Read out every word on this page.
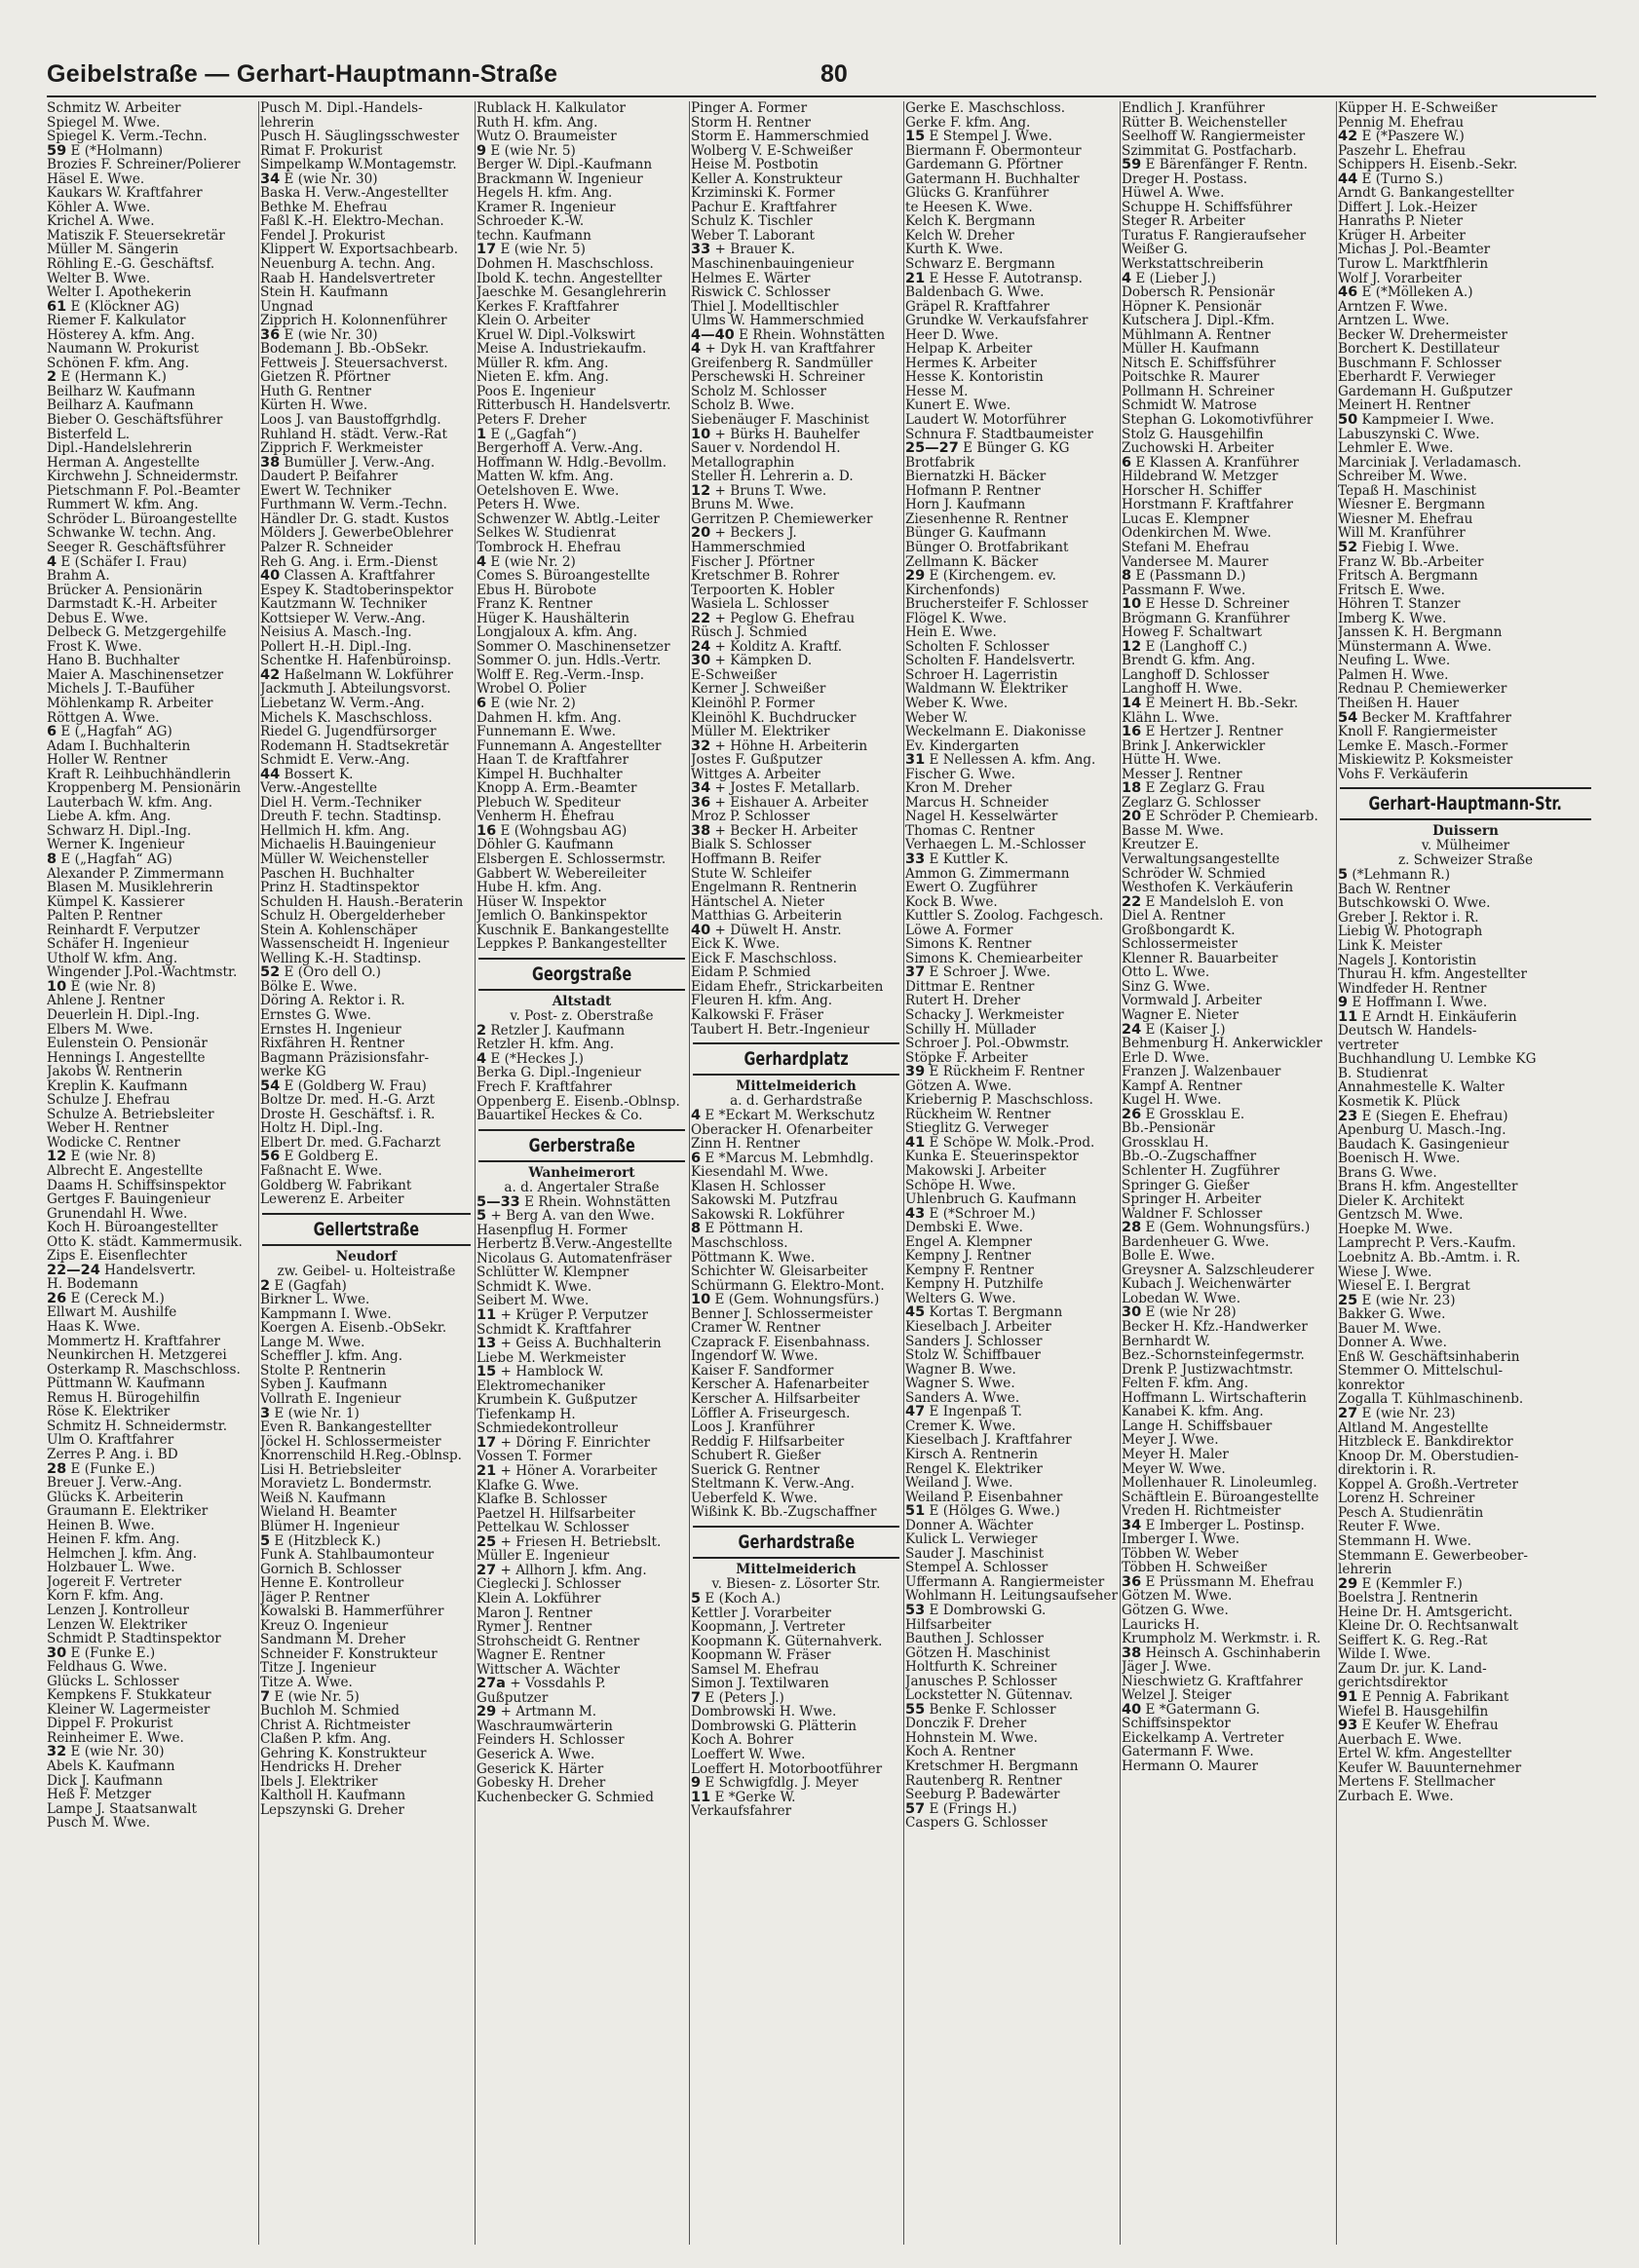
Geibelstraße — Gerhart-Hauptmann-Straße	80
Schmitz W. Arbeiter
Spiegel M. Wwe.
Spiegel K. Verm.-Techn.
59 E (*Holmann)
Brozies F. Schreiner/Polierer
Häsel E. Wwe.
Kaukars W. Kraftfahrer
Köhler A. Wwe.
Krichel A. Wwe.
Matiszik F. Steuersekretär
Müller M. Sängerin
Röhling E.-G. Geschäftsf.
Welter B. Wwe.
Welter I. Apothekerin
61 E (Klöckner AG)
Riemer F. Kalkulator
Hösterey A. kfm. Ang.
Naumann W. Prokurist
Schönen F. kfm. Ang.
2 E (Hermann K.)
Beilharz W. Kaufmann
Beilharz A. Kaufmann
Bieber O. Geschäftsführer
Bisterfeld L.
Dipl.-Handelslehrerin
Herman A. Angestellte
Kirchwehn J. Schneidermstr.
Pietschmann F. Pol.-Beamter
Rummert W. kfm. Ang.
Schröder L. Büroangestellte
Schwanke W. techn. Ang.
Seeger R. Geschäftsführer
4 E (Schäfer I. Frau)
Brahm A.
Brücker A. Pensionärin
Darmstadt K.-H. Arbeiter
Debus E. Wwe.
Delbeck G. Metzgergehilfe
Frost K. Wwe.
Hano B. Buchhalter
Maier A. Maschinensetzer
Michels J. T.-Baufüher
Möhlenkamp R. Arbeiter
Röttgen A. Wwe.
6 E („Hagfah“ AG)
Adam I. Buchhalterin
Holler W. Rentner
Kraft R. Leihbuchhändlerin
Kroppenberg M. Pensionärin
Lauterbach W. kfm. Ang.
Liebe A. kfm. Ang.
Schwarz H. Dipl.-Ing.
Werner K. Ingenieur
8 E („Hagfah“ AG)
Alexander P. Zimmermann
Blasen M. Musiklehrerin
Kümpel K. Kassierer
Palten P. Rentner
Reinhardt F. Verputzer
Schäfer H. Ingenieur
Utholf W. kfm. Ang.
Wingender J.Pol.-Wachtmstr.
10 E (wie Nr. 8)
Ahlene J. Rentner
Deuerlein H. Dipl.-Ing.
Elbers M. Wwe.
Eulenstein O. Pensionär
Hennings I. Angestellte
Jakobs W. Rentnerin
Kreplin K. Kaufmann
Schulze J. Ehefrau
Schulze A. Betriebsleiter
Weber H. Rentner
Wodicke C. Rentner
12 E (wie Nr. 8)
Albrecht E. Angestellte
Daams H. Schiffsinspektor
Gertges F. Bauingenieur
Grunendahl H. Wwe.
Koch H. Büroangestellter
Otto K. städt. Kammermusik.
Zips E. Eisenflechter
22—24 Handelsvertr.
H. Bodemann
26 E (Cereck M.)
Ellwart M. Aushilfe
Haas K. Wwe.
Mommertz H. Kraftfahrer
Neunkirchen H. Metzgerei
Osterkamp R. Maschschloss.
Püttmann W. Kaufmann
Remus H. Bürogehilfin
Röse K. Elektriker
Schmitz H. Schneidermstr.
Ulm O. Kraftfahrer
Zerres P. Ang. i. BD
28 E (Funke E.)
Breuer J. Verw.-Ang.
Glücks K. Arbeiterin
Graumann E. Elektriker
Heinen B. Wwe.
Heinen F. kfm. Ang.
Helmchen J. kfm. Ang.
Holzbauer L. Wwe.
Jogereit F. Vertreter
Korn F. kfm. Ang.
Lenzen J. Kontrolleur
Lenzen W. Elektriker
Schmidt P. Stadtinspektor
30 E (Funke E.)
Feldhaus G. Wwe.
Glücks L. Schlosser
Kempkens F. Stukkateur
Kleiner W. Lagermeister
Dippel F. Prokurist
Reinheimer E. Wwe.
32 E (wie Nr. 30)
Abels K. Kaufmann
Dick J. Kaufmann
Heß F. Metzger
Lampe J. Staatsanwalt
Pusch M. Wwe.
Pusch M. Dipl.-Handels-
lehrerin
Pusch H. Säuglingsschwester
Rimat F. Prokurist
Simpelkamp W.Montagemstr.
34 E (wie Nr. 30)
Baska H. Verw.-Angestellter
Bethke M. Ehefrau
Faßl K.-H. Elektro-Mechan.
Fendel J. Prokurist
Klippert W. Exportsachbearb.
Neuenburg A. techn. Ang.
Raab H. Handelsvertreter
Stein H. Kaufmann
Ungnad
Zipprich H. Kolonnenführer
36 E (wie Nr. 30)
Bodemann J. Bb.-ObSekr.
Fettweis J. Steuersachverst.
Gietzen R. Pförtner
Huth G. Rentner
Kürten H. Wwe.
Loos J. van Baustoffgrhdlg.
Ruhland H. städt. Verw.-Rat
Zipprich F. Werkmeister
38 Bumüller J. Verw.-Ang.
Daudert P. Beifahrer
Ewert W. Techniker
Furthmann W. Verm.-Techn.
Händler Dr. G. stadt. Kustos
Mölders J. GewerbeOblehrer
Palzer R. Schneider
Reh G. Ang. i. Erm.-Dienst
40 Classen A. Kraftfahrer
Espey K. Stadtoberinspektor
Kautzmann W. Techniker
Kottsieper W. Verw.-Ang.
Neisius A. Masch.-Ing.
Pollert H.-H. Dipl.-Ing.
Schentke H. Hafenbüroinsp.
42 Haßelmann W. Lokführer
Jackmuth J. Abteilungsvorst.
Liebetanz W. Verm.-Ang.
Michels K. Maschschloss.
Riedel G. Jugendfürsorger
Rodemann H. Stadtsekretär
Schmidt E. Verw.-Ang.
44 Bossert K.
Verw.-Angestellte
Diel H. Verm.-Techniker
Dreuth F. techn. Stadtinsp.
Hellmich H. kfm. Ang.
Michaelis H.Bauingenieur
Müller W. Weichensteller
Paschen H. Buchhalter
Prinz H. Stadtinspektor
Schulden H. Haush.-Beraterin
Schulz H. Obergelderheber
Stein A. Kohlenschäper
Wassenscheidt H. Ingenieur
Welling K.-H. Stadtinsp.
52 E (Oro dell O.)
Bölke E. Wwe.
Döring A. Rektor i. R.
Ernstes G. Wwe.
Ernstes H. Ingenieur
Rixfähren H. Rentner
Bagmann Präzisionsfahr-
werke KG
54 E (Goldberg W. Frau)
Boltze Dr. med. H.-G. Arzt
Droste H. Geschäftsf. i. R.
Holtz H. Dipl.-Ing.
Elbert Dr. med. G.Facharzt
56 E Goldberg E.
Faßnacht E. Wwe.
Goldberg W. Fabrikant
Lewerenz E. Arbeiter
Gellertstraße
Neudorf
zw. Geibel- u. Holteistraße
2 E (Gagfah)
Birkner L. Wwe.
Kampmann I. Wwe.
Koergen A. Eisenb.-ObSekr.
Lange M. Wwe.
Scheffler J. kfm. Ang.
Stolte P. Rentnerin
Syben J. Kaufmann
Vollrath E. Ingenieur
3 E (wie Nr. 1)
Even R. Bankangestellter
Jöckel H. Schlossermeister
Knorrenschild H.Reg.-Oblnsp.
Lisi H. Betriebsleiter
Moravietz L. Bondermstr.
Weiß N. Kaufmann
Wieland H. Beamter
Blümer H. Ingenieur
5 E (Hitzbleck K.)
Funk A. Stahlbaumonteur
Gornich B. Schlosser
Henne E. Kontrolleur
Jäger P. Rentner
Kowalski B. Hammerführer
Kreuz O. Ingenieur
Sandmann M. Dreher
Schneider F. Konstrukteur
Titze J. Ingenieur
Titze A. Wwe.
7 E (wie Nr. 5)
Buchloh M. Schmied
Christ A. Richtmeister
Claßen P. kfm. Ang.
Gehring K. Konstrukteur
Hendricks H. Dreher
Ibels J. Elektriker
Kaltholl H. Kaufmann
Lepszynski G. Dreher
Rublack H. Kalkulator
Ruth H. kfm. Ang.
Wutz O. Braumeister
9 E (wie Nr. 5)
Berger W. Dipl.-Kaufmann
Brackmann W. Ingenieur
Hegels H. kfm. Ang.
Kramer R. Ingenieur
Schroeder K.-W.
techn. Kaufmann
17 E (wie Nr. 5)
Dohmen H. Maschschloss.
Ibold K. techn. Angestellter
Jaeschke M. Gesanglehrerin
Kerkes F. Kraftfahrer
Klein O. Arbeiter
Kruel W. Dipl.-Volkswirt
Meise A. Industriekaufm.
Müller R. kfm. Ang.
Nieten E. kfm. Ang.
Poos E. Ingenieur
Ritterbusch H. Handelsvertr.
Peters F. Dreher
1 E („Gagfah“)
Bergerhoff A. Verw.-Ang.
Hoffmann W. Hdlg.-Bevollm.
Matten W. kfm. Ang.
Oetelshoven E. Wwe.
Peters H. Wwe.
Schwenzer W. Abtlg.-Leiter
Selkes W. Studienrat
Tombrock H. Ehefrau
4 E (wie Nr. 2)
Comes S. Büroangestellte
Ebus H. Bürobote
Franz K. Rentner
Hüger K. Haushälterin
Longjaloux A. kfm. Ang.
Sommer O. Maschinensetzer
Sommer O. jun. Hdls.-Vertr.
Wolff E. Reg.-Verm.-Insp.
Wrobel O. Polier
6 E (wie Nr. 2)
Dahmen H. kfm. Ang.
Funnemann E. Wwe.
Funnemann A. Angestellter
Haan T. de Kraftfahrer
Kimpel H. Buchhalter
Knopp A. Erm.-Beamter
Plebuch W. Spediteur
Venherm H. Ehefrau
16 E (Wohngsbau AG)
Döhler G. Kaufmann
Elsbergen E. Schlossermstr.
Gabbert W. Webereileiter
Hube H. kfm. Ang.
Hüser W. Inspektor
Jemlich O. Bankinspektor
Kuschnik E. Bankangestellte
Leppkes P. Bankangestellter
Georgstraße
Altstadt
v. Post- z. Oberstraße
2 Retzler J. Kaufmann
Retzler H. kfm. Ang.
4 E (*Heckes J.)
Berka G. Dipl.-Ingenieur
Frech F. Kraftfahrer
Oppenberg E. Eisenb.-Oblnsp.
Bauartikel Heckes & Co.
Gerberstraße
Wanheimerort
a. d. Angertaler Straße
5—33 E Rhein. Wohnstätten
5 + Berg A. van den Wwe.
Hasenpflug H. Former
Herbertz B.Verw.-Angestellte
Nicolaus G. Automatenfräser
Schlütter W. Klempner
Schmidt K. Wwe.
Seibert M. Wwe.
11 + Krüger P. Verputzer
Schmidt K. Kraftfahrer
13 + Geiss A. Buchhalterin
Liebe M. Werkmeister
15 + Hamblock W.
Elektromechaniker
Krumbein K. Gußputzer
Tiefenkamp H.
Schmiedekontrolleur
17 + Döring F. Einrichter
Vossen T. Former
21 + Höner A. Vorarbeiter
Klafke G. Wwe.
Klafke B. Schlosser
Paetzel H. Hilfsarbeiter
Pettelkau W. Schlosser
25 + Friesen H. Betriebslt.
Müller E. Ingenieur
27 + Allhorn J. kfm. Ang.
Cieglecki J. Schlosser
Klein A. Lokführer
Maron J. Rentner
Rymer J. Rentner
Strohscheidt G. Rentner
Wagner E. Rentner
Wittscher A. Wächter
27a + Vossdahls P.
Gußputzer
29 + Artmann M.
Waschraumwärterin
Feinders H. Schlosser
Geserick A. Wwe.
Geserick K. Härter
Gobesky H. Dreher
Kuchenbecker G. Schmied
Pinger A. Former
Storm H. Rentner
Storm E. Hammerschmied
Wolberg V. E-Schweißer
Heise M. Postbotin
Keller A. Konstrukteur
Krziminski K. Former
Pachur E. Kraftfahrer
Schulz K. Tischler
Weber T. Laborant
33 + Brauer K.
Maschinenbauingenieur
Helmes E. Wärter
Riswick C. Schlosser
Thiel J. Modelltischler
Ulms W. Hammerschmied
4—40 E Rhein. Wohnstätten
4 + Dyk H. van Kraftfahrer
Greifenberg R. Sandmüller
Perschewski H. Schreiner
Scholz M. Schlosser
Scholz B. Wwe.
Siebenäuger F. Maschinist
10 + Bürks H. Bauhelfer
Sauer v. Nordendol H.
Metallographin
Steller H. Lehrerin a. D.
12 + Bruns T. Wwe.
Bruns M. Wwe.
Gerritzen P. Chemiewerker
20 + Beckers J.
Hammerschmied
Fischer J. Pförtner
Kretschmer B. Rohrer
Terpoorten K. Hobler
Wasiela L. Schlosser
22 + Peglow G. Ehefrau
Rüsch J. Schmied
24 + Kolditz A. Kraftf.
30 + Kämpken D.
E-Schweißer
Kerner J. Schweißer
Kleinöhl P. Former
Kleinöhl K. Buchdrucker
Müller M. Elektriker
32 + Höhne H. Arbeiterin
Jostes F. Gußputzer
Wittges A. Arbeiter
34 + Jostes F. Metallarb.
36 + Eishauer A. Arbeiter
Mroz P. Schlosser
38 + Becker H. Arbeiter
Bialk S. Schlosser
Hoffmann B. Reifer
Stute W. Schleifer
Engelmann R. Rentnerin
Häntschel A. Nieter
Matthias G. Arbeiterin
40 + Düwelt H. Anstr.
Eick K. Wwe.
Eick F. Maschschloss.
Eidam P. Schmied
Eidam Ehefr., Strickarbeiten
Fleuren H. kfm. Ang.
Kalkowski F. Fräser
Taubert H. Betr.-Ingenieur
Gerhardplatz
Mittelmeiderich
a. d. Gerhardstraße
4 E *Eckart M. Werkschutz
Oberacker H. Ofenarbeiter
Zinn H. Rentner
6 E *Marcus M. Lebmhdlg.
Kiesendahl M. Wwe.
Klasen H. Schlosser
Sakowski M. Putzfrau
Sakowski R. Lokführer
8 E Pöttmann H.
Maschschloss.
Pöttmann K. Wwe.
Schichter W. Gleisarbeiter
Schürmann G. Elektro-Mont.
10 E (Gem. Wohnungsfürs.)
Benner J. Schlossermeister
Cramer W. Rentner
Czaprack F. Eisenbahnass.
Ingendorf W. Wwe.
Kaiser F. Sandformer
Kerscher A. Hafenarbeiter
Kerscher A. Hilfsarbeiter
Löffler A. Friseurgesch.
Loos J. Kranführer
Reddig F. Hilfsarbeiter
Schubert R. Gießer
Suerick G. Rentner
Steltmann K. Verw.-Ang.
Ueberfeld K. Wwe.
Wißink K. Bb.-Zugschaffner
Gerhardstraße
Mittelmeiderich
v. Biesen- z. Lösorter Str.
5 E (Koch A.)
Kettler J. Vorarbeiter
Koopmann, J. Vertreter
Koopmann K. Güternahverk.
Koopmann W. Fräser
Samsel M. Ehefrau
Simon J. Textilwaren
7 E (Peters J.)
Dombrowski H. Wwe.
Dombrowski G. Plätterin
Koch A. Bohrer
Loeffert W. Wwe.
Loeffert H. Motorbootführer
9 E Schwigfdlg. J. Meyer
11 E *Gerke W.
Verkaufsfahrer
Gerke E. Maschschloss.
Gerke F. kfm. Ang.
15 E Stempel J. Wwe.
Biermann F. Obermonteur
Gardemann G. Pförtner
Gatermann H. Buchhalter
Glücks G. Kranführer
te Heesen K. Wwe.
Kelch K. Bergmann
Kelch W. Dreher
Kurth K. Wwe.
Schwarz E. Bergmann
21 E Hesse F. Autotransp.
Baldenbach G. Wwe.
Gräpel R. Kraftfahrer
Grundke W. Verkaufsfahrer
Heer D. Wwe.
Helpap K. Arbeiter
Hermes K. Arbeiter
Hesse K. Kontoristin
Hesse M.
Kunert E. Wwe.
Laudert W. Motorführer
Schnura F. Stadtbaumeister
25—27 E Bünger G. KG
Brotfabrik
Biernatzki H. Bäcker
Hofmann P. Rentner
Horn J. Kaufmann
Ziesenhenne R. Rentner
Bünger G. Kaufmann
Bünger O. Brotfabrikant
Zellmann K. Bäcker
29 E (Kirchengem. ev.
Kirchenfonds)
Bruchersteifer F. Schlosser
Flögel K. Wwe.
Hein E. Wwe.
Scholten F. Schlosser
Scholten F. Handelsvertr.
Schroer H. Lagerristin
Waldmann W. Elektriker
Weber K. Wwe.
Weber W.
Weckelmann E. Diakonisse
Ev. Kindergarten
31 E Nellessen A. kfm. Ang.
Fischer G. Wwe.
Kron M. Dreher
Marcus H. Schneider
Nagel H. Kesselwärter
Thomas C. Rentner
Verhaegen L. M.-Schlosser
33 E Kuttler K.
Ammon G. Zimmermann
Ewert O. Zugführer
Kock B. Wwe.
Kuttler S. Zoolog. Fachgesch.
Löwe A. Former
Simons K. Rentner
Simons K. Chemiearbeiter
37 E Schroer J. Wwe.
Dittmar E. Rentner
Rutert H. Dreher
Schacky J. Werkmeister
Schilly H. Müllader
Schroer J. Pol.-Obwmstr.
Stöpke F. Arbeiter
39 E Rückheim F. Rentner
Götzen A. Wwe.
Kriebernig P. Maschschloss.
Rückheim W. Rentner
Stieglitz G. Verweger
41 E Schöpe W. Molk.-Prod.
Kunka E. Steuerinspektor
Makowski J. Arbeiter
Schöpe H. Wwe.
Uhlenbruch G. Kaufmann
43 E (*Schroer M.)
Dembski E. Wwe.
Engel A. Klempner
Kempny J. Rentner
Kempny F. Rentner
Kempny H. Putzhilfe
Welters G. Wwe.
45 Kortas T. Bergmann
Kieselbach J. Arbeiter
Sanders J. Schlosser
Stolz W. Schiffbauer
Wagner B. Wwe.
Wagner S. Wwe.
Sanders A. Wwe.
47 E Ingenpaß T.
Cremer K. Wwe.
Kieselbach J. Kraftfahrer
Kirsch A. Rentnerin
Rengel K. Elektriker
Weiland J. Wwe.
Weiland P. Eisenbahner
51 E (Hölges G. Wwe.)
Donner A. Wächter
Kulick L. Verwieger
Sauder J. Maschinist
Stempel A. Schlosser
Uffermann A. Rangiermeister
Wohlmann H. Leitungsaufseher
53 E Dombrowski G.
Hilfsarbeiter
Bauthen J. Schlosser
Götzen H. Maschinist
Holtfurth K. Schreiner
Janusches P. Schlosser
Lockstetter N. Gütennav.
55 Benke F. Schlosser
Donczik F. Dreher
Hohnstein M. Wwe.
Koch A. Rentner
Kretschmer H. Bergmann
Rautenberg R. Rentner
Seeburg P. Badewärter
57 E (Frings H.)
Caspers G. Schlosser
Endlich J. Kranführer
Rütter B. Weichensteller
Seelhoff W. Rangiermeister
Szimmitat G. Postfacharb.
59 E Bärenfänger F. Rentn.
Dreger H. Postass.
Hüwel A. Wwe.
Schuppe H. Schiffsführer
Steger R. Arbeiter
Turatus F. Rangieraufseher
Weißer G.
Werkstattschreiberin
4 E (Lieber J.)
Dobersch R. Pensionär
Höpner K. Pensionär
Kutschera J. Dipl.-Kfm.
Mühlmann A. Rentner
Müller H. Kaufmann
Nitsch E. Schiffsführer
Poitschke R. Maurer
Pollmann H. Schreiner
Schmidt W. Matrose
Stephan G. Lokomotivführer
Stolz G. Hausgehilfin
Zuchowski H. Arbeiter
6 E Klassen A. Kranführer
Hildebrand W. Metzger
Horscher H. Schiffer
Horstmann F. Kraftfahrer
Lucas E. Klempner
Odenkirchen M. Wwe.
Stefani M. Ehefrau
Vandersee M. Maurer
8 E (Passmann D.)
Passmann F. Wwe.
10 E Hesse D. Schreiner
Brögmann G. Kranführer
Howeg F. Schaltwart
12 E (Langhoff C.)
Brendt G. kfm. Ang.
Langhoff D. Schlosser
Langhoff H. Wwe.
14 E Meinert H. Bb.-Sekr.
Klähn L. Wwe.
16 E Hertzer J. Rentner
Brink J. Ankerwickler
Hütte H. Wwe.
Messer J. Rentner
18 E Zeglarz G. Frau
Zeglarz G. Schlosser
20 E Schröder P. Chemiearb.
Basse M. Wwe.
Kreutzer E.
Verwaltungsangestellte
Schröder W. Schmied
Westhofen K. Verkäuferin
22 E Mandelsloh E. von
Diel A. Rentner
Großbongardt K.
Schlossermeister
Klenner R. Bauarbeiter
Otto L. Wwe.
Sinz G. Wwe.
Vormwald J. Arbeiter
Wagner E. Nieter
24 E (Kaiser J.)
Behmenburg H. Ankerwickler
Erle D. Wwe.
Franzen J. Walzenbauer
Kampf A. Rentner
Kugel H. Wwe.
26 E Grossklau E.
Bb.-Pensionär
Grossklau H.
Bb.-O.-Zugschaffner
Schlenter H. Zugführer
Springer G. Gießer
Springer H. Arbeiter
Waldner F. Schlosser
28 E (Gem. Wohnungsfürs.)
Bardenheuer G. Wwe.
Bolle E. Wwe.
Greysner A. Salzschleuderer
Kubach J. Weichenwärter
Lobedan W. Wwe.
30 E (wie Nr 28)
Becker H. Kfz.-Handwerker
Bernhardt W.
Bez.-Schornsteinfegermstr.
Drenk P. Justizwachtmstr.
Felten F. kfm. Ang.
Hoffmann L. Wirtschafterin
Kanabei K. kfm. Ang.
Lange H. Schiffsbauer
Meyer J. Wwe.
Meyer H. Maler
Meyer W. Wwe.
Mollenhauer R. Linoleumleg.
Schäftlein E. Büroangestellte
Vreden H. Richtmeister
34 E Imberger L. Postinsp.
Imberger I. Wwe.
Többen W. Weber
Többen H. Schweißer
36 E Prüssmann M. Ehefrau
Götzen M. Wwe.
Götzen G. Wwe.
Lauricks H.
Krumpholz M. Werkmstr. i. R.
38 Heinsch A. Gschinhaberin
Jäger J. Wwe.
Nieschwietz G. Kraftfahrer
Welzel J. Steiger
40 E *Gatermann G.
Schiffsinspektor
Eickelkamp A. Vertreter
Gatermann F. Wwe.
Hermann O. Maurer
Küpper H. E-Schweißer
Pennig M. Ehefrau
42 E (*Paszere W.)
Paszehr L. Ehefrau
Schippers H. Eisenb.-Sekr.
44 E (Turno S.)
Arndt G. Bankangestellter
Differt J. Lok.-Heizer
Hanraths P. Nieter
Krüger H. Arbeiter
Michas J. Pol.-Beamter
Turow L. Marktfhlerin
Wolf J. Vorarbeiter
46 E (*Mölleken A.)
Arntzen F. Wwe.
Arntzen L. Wwe.
Becker W. Drehermeister
Borchert K. Destillateur
Buschmann F. Schlosser
Eberhardt F. Verwieger
Gardemann H. Gußputzer
Meinert H. Rentner
50 Kampmeier I. Wwe.
Labuszynski C. Wwe.
Lehmler E. Wwe.
Marciniak J. Verladamasch.
Schreiber M. Wwe.
Tepaß H. Maschinist
Wiesner E. Bergmann
Wiesner M. Ehefrau
Will M. Kranführer
52 Fiebig I. Wwe.
Franz W. Bb.-Arbeiter
Fritsch A. Bergmann
Fritsch E. Wwe.
Höhren T. Stanzer
Imberg K. Wwe.
Janssen K. H. Bergmann
Münstermann A. Wwe.
Neufing L. Wwe.
Palmen H. Wwe.
Rednau P. Chemiewerker
Theißen H. Hauer
54 Becker M. Kraftfahrer
Knoll F. Rangiermeister
Lemke E. Masch.-Former
Miskiewitz P. Koksmeister
Vohs F. Verkäuferin
Gerhart-Hauptmann-Str.
Duissern
v. Mülheimer
z. Schweizer Straße
5 (*Lehmann R.)
Bach W. Rentner
Butschkowski O. Wwe.
Greber J. Rektor i. R.
Liebig W. Photograph
Link K. Meister
Nagels J. Kontoristin
Thurau H. kfm. Angestellter
Windfeder H. Rentner
9 E Hoffmann I. Wwe.
11 E Arndt H. Einkäuferin
Deutsch W. Handels-
vertreter
Buchhandlung U. Lembke KG
B. Studienrat
Annahmestelle K. Walter
Kosmetik K. Plück
23 E (Siegen E. Ehefrau)
Apenburg U. Masch.-Ing.
Baudach K. Gasingenieur
Boenisch H. Wwe.
Brans G. Wwe.
Brans H. kfm. Angestellter
Dieler K. Architekt
Gentzsch M. Wwe.
Hoepke M. Wwe.
Lamprecht P. Vers.-Kaufm.
Loebnitz A. Bb.-Amtm. i. R.
Wiese J. Wwe.
Wiesel E. I. Bergrat
25 E (wie Nr. 23)
Bakker G. Wwe.
Bauer M. Wwe.
Donner A. Wwe.
Enß W. Geschäftsinhaberin
Stemmer O. Mittelschul-
konrektor
Zogalla T. Kühlmaschinenb.
27 E (wie Nr. 23)
Altland M. Angestellte
Hitzbleck E. Bankdirektor
Knoop Dr. M. Oberstudien-
direktorin i. R.
Koppel A. Großh.-Vertreter
Lorenz H. Schreiner
Pesch A. Studienrätin
Reuter F. Wwe.
Stemmann H. Wwe.
Stemmann E. Gewerbeober-
lehrerin
29 E (Kemmler F.)
Boelstra J. Rentnerin
Heine Dr. H. Amtsgericht.
Kleine Dr. O. Rechtsanwalt
Seiffert K. G. Reg.-Rat
Wilde I. Wwe.
Zaum Dr. jur. K. Land-
gerichtsdirektor
91 E Pennig A. Fabrikant
Wiefel B. Hausgehilfin
93 E Keufer W. Ehefrau
Auerbach E. Wwe.
Ertel W. kfm. Angestellter
Keufer W. Bauunternehmer
Mertens F. Stellmacher
Zurbach E. Wwe.
